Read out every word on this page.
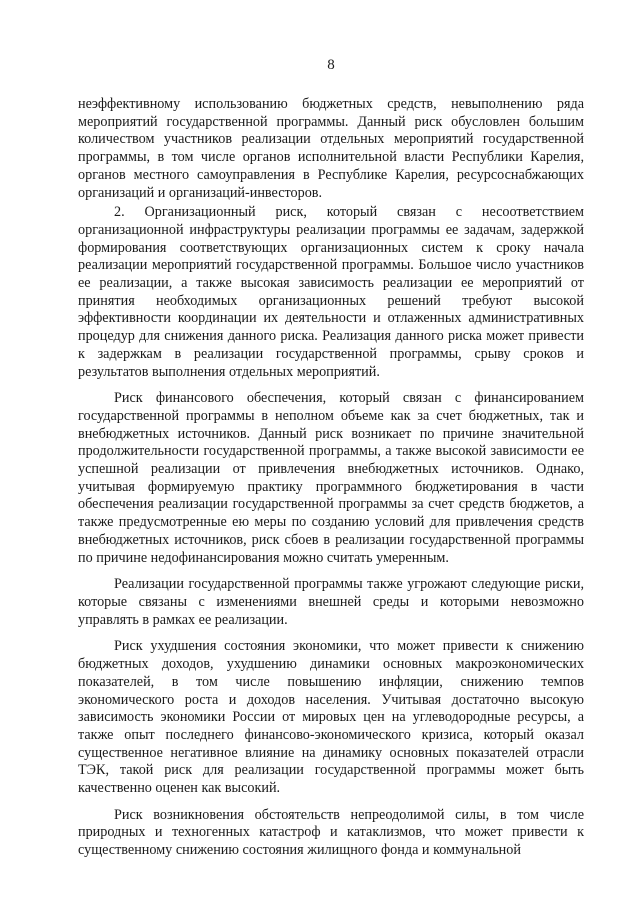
8

неэффективному использованию бюджетных средств, невыполнению ряда мероприятий государственной программы. Данный риск обусловлен большим количеством участников реализации отдельных мероприятий государственной программы, в том числе органов исполнительной власти Республики Карелия, органов местного самоуправления в Республике Карелия, ресурсоснабжающих организаций и организаций-инвесторов.

2. Организационный риск, который связан с несоответствием организационной инфраструктуры реализации программы ее задачам, задержкой формирования соответствующих организационных систем к сроку начала реализации мероприятий государственной программы. Большое число участников ее реализации, а также высокая зависимость реализации ее мероприятий от принятия необходимых организационных решений требуют высокой эффективности координации их деятельности и отлаженных административных процедур для снижения данного риска. Реализация данного риска может привести к задержкам в реализации государственной программы, срыву сроков и результатов выполнения отдельных мероприятий.

Риск финансового обеспечения, который связан с финансированием государственной программы в неполном объеме как за счет бюджетных, так и внебюджетных источников. Данный риск возникает по причине значительной продолжительности государственной программы, а также высокой зависимости ее успешной реализации от привлечения внебюджетных источников. Однако, учитывая формируемую практику программного бюджетирования в части обеспечения реализации государственной программы за счет средств бюджетов, а также предусмотренные ею меры по созданию условий для привлечения средств внебюджетных источников, риск сбоев в реализации государственной программы по причине недофинансирования можно считать умеренным.

Реализации государственной программы также угрожают следующие риски, которые связаны с изменениями внешней среды и которыми невозможно управлять в рамках ее реализации.

Риск ухудшения состояния экономики, что может привести к снижению бюджетных доходов, ухудшению динамики основных макроэкономических показателей, в том числе повышению инфляции, снижению темпов экономического роста и доходов населения. Учитывая достаточно высокую зависимость экономики России от мировых цен на углеводородные ресурсы, а также опыт последнего финансово-экономического кризиса, который оказал существенное негативное влияние на динамику основных показателей отрасли ТЭК, такой риск для реализации государственной программы может быть качественно оценен как высокий.

Риск возникновения обстоятельств непреодолимой силы, в том числе природных и техногенных катастроф и катаклизмов, что может привести к существенному снижению состояния жилищного фонда и коммунальной
